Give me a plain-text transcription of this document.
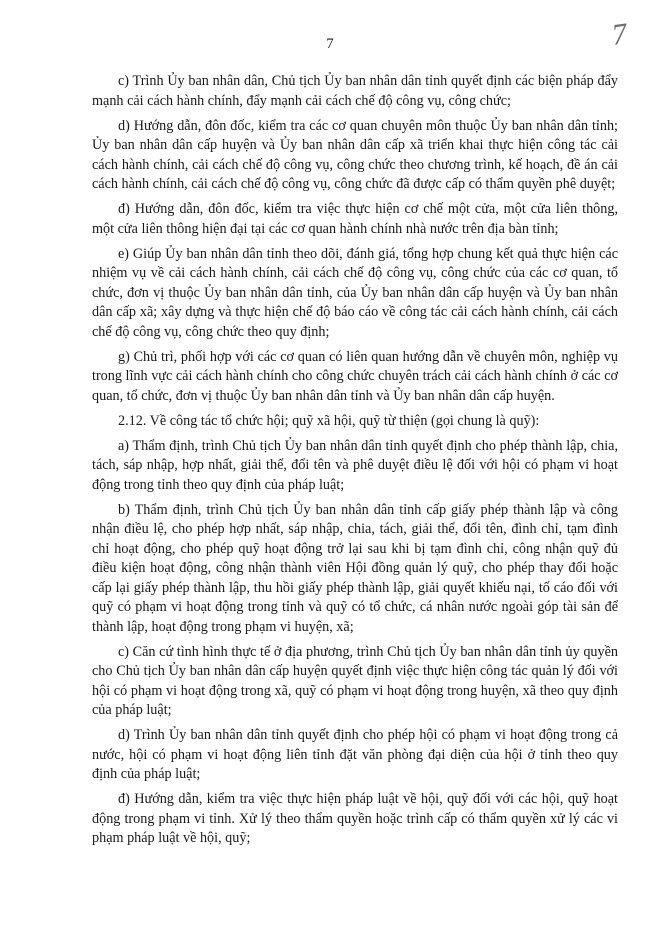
7	7

c) Trình Ủy ban nhân dân, Chủ tịch Ủy ban nhân dân tỉnh quyết định các biện pháp đẩy mạnh cải cách hành chính, đẩy mạnh cải cách chế độ công vụ, công chức;

d) Hướng dẫn, đôn đốc, kiểm tra các cơ quan chuyên môn thuộc Ủy ban nhân dân tỉnh; Ủy ban nhân dân cấp huyện và Ủy ban nhân dân cấp xã triển khai thực hiện công tác cải cách hành chính, cải cách chế độ công vụ, công chức theo chương trình, kế hoạch, đề án cải cách hành chính, cải cách chế độ công vụ, công chức đã được cấp có thẩm quyền phê duyệt;

đ) Hướng dẫn, đôn đốc, kiểm tra việc thực hiện cơ chế một cửa, một cửa liên thông, một cửa liên thông hiện đại tại các cơ quan hành chính nhà nước trên địa bàn tỉnh;

e) Giúp Ủy ban nhân dân tỉnh theo dõi, đánh giá, tổng hợp chung kết quả thực hiện các nhiệm vụ về cải cách hành chính, cải cách chế độ công vụ, công chức của các cơ quan, tổ chức, đơn vị thuộc Ủy ban nhân dân tỉnh, của Ủy ban nhân dân cấp huyện và Ủy ban nhân dân cấp xã; xây dựng và thực hiện chế độ báo cáo về công tác cải cách hành chính, cải cách chế độ công vụ, công chức theo quy định;

g) Chủ trì, phối hợp với các cơ quan có liên quan hướng dẫn về chuyên môn, nghiệp vụ trong lĩnh vực cải cách hành chính cho công chức chuyên trách cải cách hành chính ở các cơ quan, tổ chức, đơn vị thuộc Ủy ban nhân dân tỉnh và Ủy ban nhân dân cấp huyện.

2.12. Về công tác tổ chức hội; quỹ xã hội, quỹ từ thiện (gọi chung là quỹ):

a) Thẩm định, trình Chủ tịch Ủy ban nhân dân tỉnh quyết định cho phép thành lập, chia, tách, sáp nhập, hợp nhất, giải thể, đổi tên và phê duyệt điều lệ đối với hội có phạm vi hoạt động trong tỉnh theo quy định của pháp luật;

b) Thẩm định, trình Chủ tịch Ủy ban nhân dân tỉnh cấp giấy phép thành lập và công nhận điều lệ, cho phép hợp nhất, sáp nhập, chia, tách, giải thể, đổi tên, đình chỉ, tạm đình chỉ hoạt động, cho phép quỹ hoạt động trở lại sau khi bị tạm đình chỉ, công nhận quỹ đủ điều kiện hoạt động, công nhận thành viên Hội đồng quản lý quỹ, cho phép thay đổi hoặc cấp lại giấy phép thành lập, thu hồi giấy phép thành lập, giải quyết khiếu nại, tố cáo đối với quỹ có phạm vi hoạt động trong tỉnh và quỹ có tổ chức, cá nhân nước ngoài góp tài sản để thành lập, hoạt động trong phạm vi huyện, xã;

c) Căn cứ tình hình thực tế ở địa phương, trình Chủ tịch Ủy ban nhân dân tỉnh ủy quyền cho Chủ tịch Ủy ban nhân dân cấp huyện quyết định việc thực hiện công tác quản lý đối với hội có phạm vi hoạt động trong xã, quỹ có phạm vi hoạt động trong huyện, xã theo quy định của pháp luật;

d) Trình Ủy ban nhân dân tỉnh quyết định cho phép hội có phạm vi hoạt động trong cả nước, hội có phạm vi hoạt động liên tỉnh đặt văn phòng đại diện của hội ở tỉnh theo quy định của pháp luật;

đ) Hướng dẫn, kiểm tra việc thực hiện pháp luật về hội, quỹ đối với các hội, quỹ hoạt động trong phạm vi tỉnh. Xử lý theo thẩm quyền hoặc trình cấp có thẩm quyền xử lý các vi phạm pháp luật về hội, quỹ;
